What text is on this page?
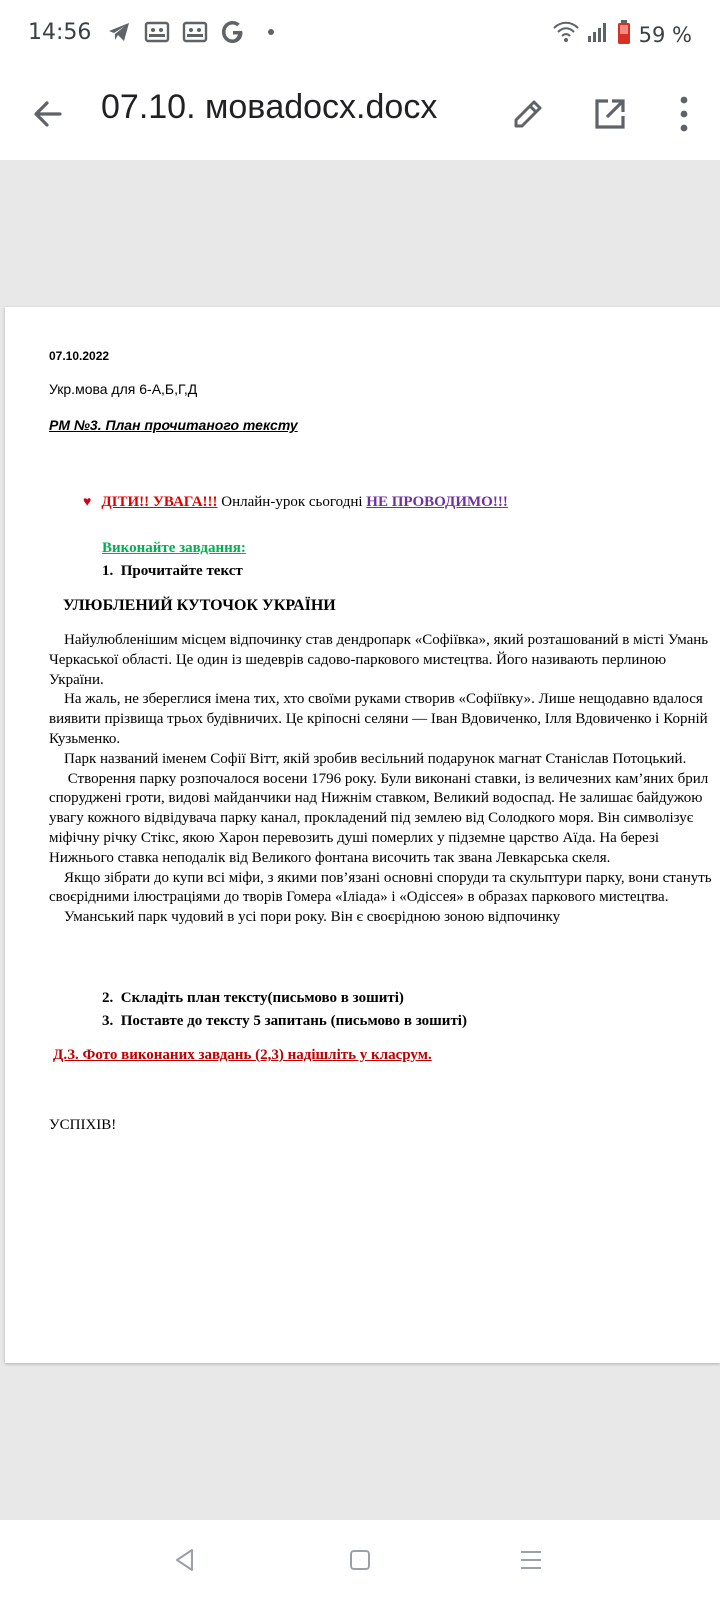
14:56	59 %
07.10. мовadocx.docx
07.10.2022
Укр.мова для 6-А,Б,Г,Д
РМ №3. План прочитаного тексту
♥ ДІТИ!! УВАГА!!! Онлайн-урок сьогодні НЕ ПРОВОДИМО!!!
Виконайте завдання:
1.  Прочитайте текст
УЛЮБЛЕНИЙ КУТОЧОК УКРАЇНИ

Найулюбленішим місцем відпочинку став дендропарк «Софіївка», який розташований в місті Умань Черкаської області. Це один із шедеврів садово-паркового мистецтва. Його називають перлиною України.

На жаль, не збереглися імена тих, хто своїми руками створив «Софіївку». Лише нещодавно вдалося виявити прізвища трьох будівничих. Це кріпосні селяни — Іван Вдовиченко, Ілля Вдовиченко і Корній Кузьменко.

Парк названий іменем Софії Вітт, якій зробив весільний подарунок магнат Станіслав Потоцький.

Створення парку розпочалося восени 1796 року. Були виконані ставки, із величезних кам’яних брил споруджені гроти, видові майданчики над Нижнім ставком, Великий водоспад. Не залишає байдужою увагу кожного відвідувача парку канал, прокладений під землею від Солодкого моря. Він символізує міфічну річку Стікс, якою Харон перевозить душі померлих у підземне царство Аїда. На березі Нижнього ставка неподалік від Великого фонтана височить так звана Левкарська скеля.

Якщо зібрати до купи всі міфи, з якими пов’язані основні споруди та скульптури парку, вони стануть своєрідними ілюстраціями до творів Гомера «Іліада» і «Одіссея» в образах паркового мистецтва.

Уманський парк чудовий в усі пори року. Він є своєрідною зоною відпочинку

2.  Складіть план тексту(письмово в зошиті)
3.  Поставте до тексту 5 запитань (письмово в зошиті)
Д.З. Фото виконаних завдань (2,3) надішліть у класрум.
УСПІХІВ!
